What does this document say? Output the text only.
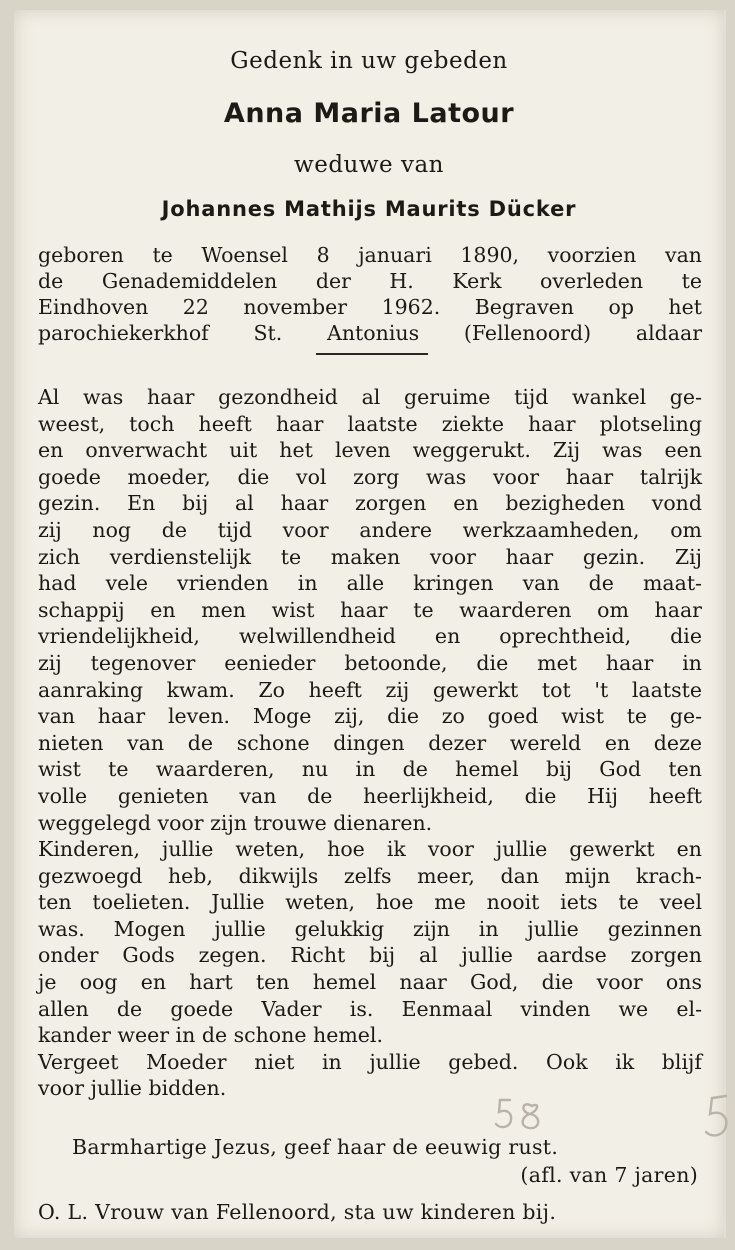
Gedenk in uw gebeden
Anna Maria Latour
weduwe van
Johannes Mathijs Maurits Dücker
geboren te Woensel 8 januari 1890, voorzien van
de Genademiddelen der H. Kerk overleden te
Eindhoven 22 november 1962. Begraven op het
parochiekerkhof St. Antonius (Fellenoord) aldaar
Al was haar gezondheid al geruime tijd wankel ge-
weest, toch heeft haar laatste ziekte haar plotseling
en onverwacht uit het leven weggerukt. Zij was een
goede moeder, die vol zorg was voor haar talrijk
gezin. En bij al haar zorgen en bezigheden vond
zij nog de tijd voor andere werkzaamheden, om
zich verdienstelijk te maken voor haar gezin. Zij
had vele vrienden in alle kringen van de maat-
schappij en men wist haar te waarderen om haar
vriendelijkheid, welwillendheid en oprechtheid, die
zij tegenover eenieder betoonde, die met haar in
aanraking kwam. Zo heeft zij gewerkt tot 't laatste
van haar leven. Moge zij, die zo goed wist te ge-
nieten van de schone dingen dezer wereld en deze
wist te waarderen, nu in de hemel bij God ten
volle genieten van de heerlijkheid, die Hij heeft
weggelegd voor zijn trouwe dienaren.
Kinderen, jullie weten, hoe ik voor jullie gewerkt en
gezwoegd heb, dikwijls zelfs meer, dan mijn krach-
ten toelieten. Jullie weten, hoe me nooit iets te veel
was. Mogen jullie gelukkig zijn in jullie gezinnen
onder Gods zegen. Richt bij al jullie aardse zorgen
je oog en hart ten hemel naar God, die voor ons
allen de goede Vader is. Eenmaal vinden we el-
kander weer in de schone hemel.
Vergeet Moeder niet in jullie gebed. Ook ik blijf
voor jullie bidden.
Barmhartige Jezus, geef haar de eeuwig rust.
(afl. van 7 jaren)
O. L. Vrouw van Fellenoord, sta uw kinderen bij.
